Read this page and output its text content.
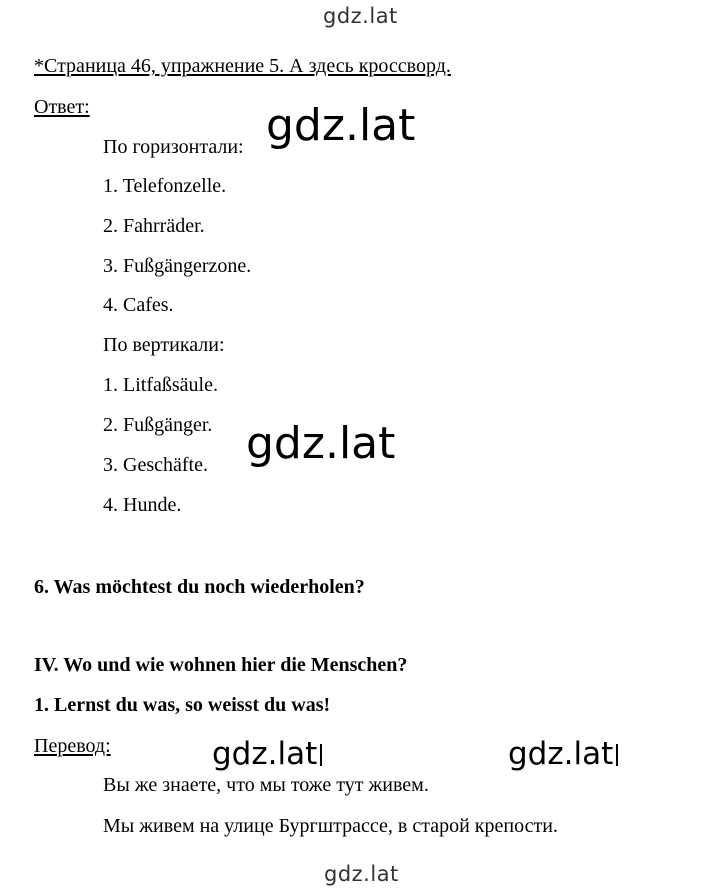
gdz.lat
*Страница 46, упражнение 5. А здесь кроссворд.
Ответ:
По горизонтали: gdz.lat
1. Telefonzelle.
2. Fahrräder.
3. Fußgängerzone.
4. Cafes.
По вертикали:
1. Litfaßsäule.
2. Fußgänger.
3. Geschäfte.
4. Hunde.
gdz.lat
6. Was möchtest du noch wiederholen?
IV. Wo und wie wohnen hier die Menschen?
1. Lernst du was, so weisst du was!
Перевод:	gdz.lat	gdz.lat
Вы же знаете, что мы тоже тут живем.
Мы живем на улице Бургштрассе, в старой крепости.
gdz.lat
